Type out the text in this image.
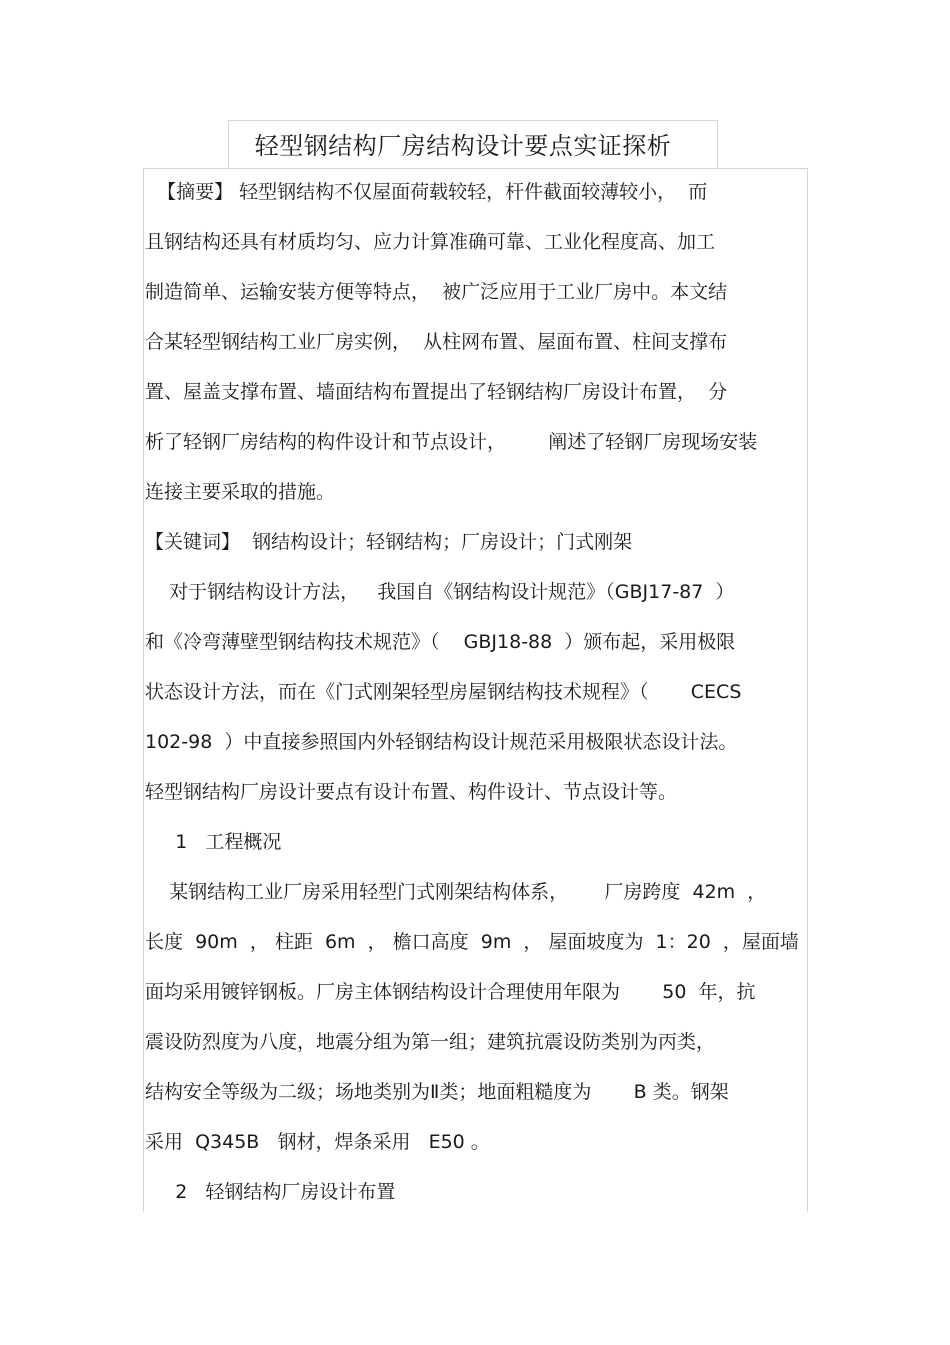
轻型钢结构厂房结构设计要点实证探析
【摘要】 轻型钢结构不仅屋面荷载较轻，杆件截面较薄较小，  而
且钢结构还具有材质均匀、应力计算准确可靠、工业化程度高、加工
制造简单、运输安装方便等特点，  被广泛应用于工业厂房中。本文结
合某轻型钢结构工业厂房实例，  从柱网布置、屋面布置、柱间支撑布
置、屋盖支撑布置、墙面结构布置提出了轻钢结构厂房设计布置，  分
析了轻钢厂房结构的构件设计和节点设计，       阐述了轻钢厂房现场安装
连接主要采取的措施。
【关键词】  钢结构设计；轻钢结构；厂房设计；门式刚架
对于钢结构设计方法，   我国自《钢结构设计规范》（GBJ17-87  ）
和《冷弯薄壁型钢结构技术规范》（    GBJ18-88  ）颁布起，采用极限
状态设计方法，而在《门式刚架轻型房屋钢结构技术规程》（       CECS
102-98  ）中直接参照国内外轻钢结构设计规范采用极限状态设计法。
轻型钢结构厂房设计要点有设计布置、构件设计、节点设计等。
1   工程概况
某钢结构工业厂房采用轻型门式刚架结构体系，      厂房跨度  42m  ，
长度  90m  ， 柱距  6m  ， 檐口高度  9m  ， 屋面坡度为  1：20  ，屋面墙
面均采用镀锌钢板。厂房主体钢结构设计合理使用年限为       50  年，抗
震设防烈度为八度，地震分组为第一组；建筑抗震设防类别为丙类，
结构安全等级为二级；场地类别为Ⅱ类；地面粗糙度为       B 类。钢架
采用  Q345B   钢材，焊条采用   E50 。
2   轻钢结构厂房设计布置
